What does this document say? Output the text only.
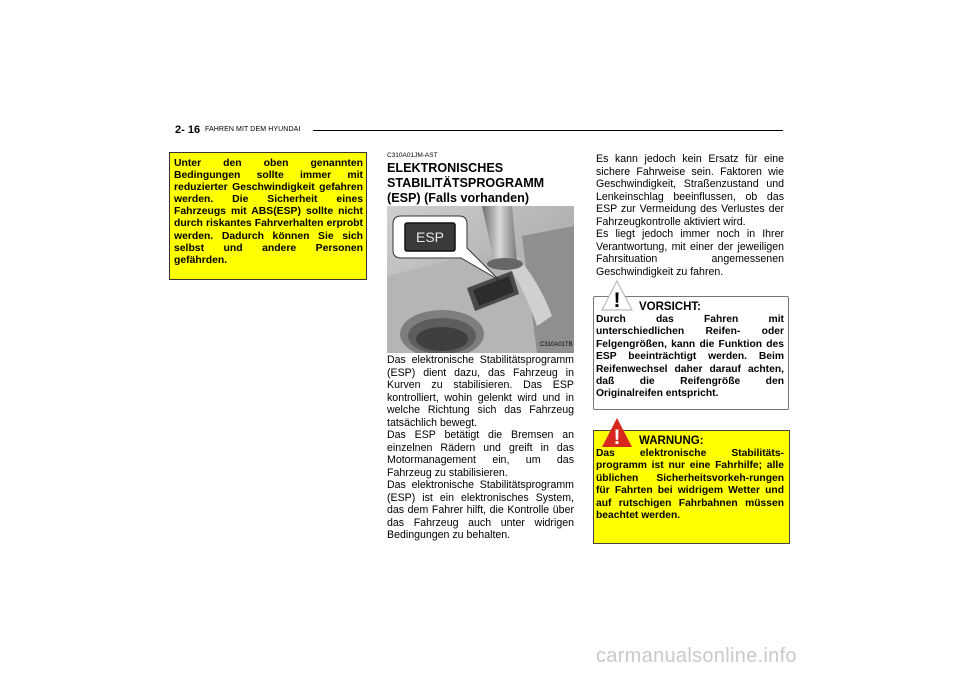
2- 16 FAHREN MIT DEM HYUNDAI
Unter den oben genannten Bedingungen sollte immer mit reduzierter Geschwindigkeit gefahren werden. Die Sicherheit eines Fahrzeugs mit ABS(ESP) sollte nicht durch riskantes Fahrverhalten erprobt werden. Dadurch können Sie sich selbst und andere Personen gefährden.
C310A01JM-AST
ELEKTRONISCHES
STABILITÄTSPROGRAMM
(ESP) (Falls vorhanden)
ESP
C310A01TB
Das elektronische Stabilitätsprogramm (ESP) dient dazu, das Fahrzeug in Kurven zu stabilisieren. Das ESP kontrolliert, wohin gelenkt wird und in welche Richtung sich das Fahrzeug tatsächlich bewegt.
Das ESP betätigt die Bremsen an einzelnen Rädern und greift in das Motormanagement ein, um das Fahrzeug zu stabilisieren.
Das elektronische Stabilitätsprogramm (ESP) ist ein elektronisches System, das dem Fahrer hilft, die Kontrolle über das Fahrzeug auch unter widrigen Bedingungen zu behalten.
Es kann jedoch kein Ersatz für eine sichere Fahrweise sein. Faktoren wie Geschwindigkeit, Straßenzustand und Lenkeinschlag beeinflussen, ob das ESP zur Vermeidung des Verlustes der Fahrzeugkontrolle aktiviert wird.
Es liegt jedoch immer noch in Ihrer Verantwortung, mit einer der jeweiligen Fahrsituation angemessenen Geschwindigkeit zu fahren.
! VORSICHT:
Durch das Fahren mit unterschiedlichen Reifen- oder Felgengrößen, kann die Funktion des ESP beeinträchtigt werden. Beim Reifenwechsel daher darauf achten, daß die Reifengröße den Originalreifen entspricht.
! WARNUNG:
Das elektronische Stabilitäts-programm ist nur eine Fahrhilfe; alle üblichen Sicherheitsvorkeh-rungen für Fahrten bei widrigem Wetter und auf rutschigen Fahrbahnen müssen beachtet werden.
carmanualsonline.info
